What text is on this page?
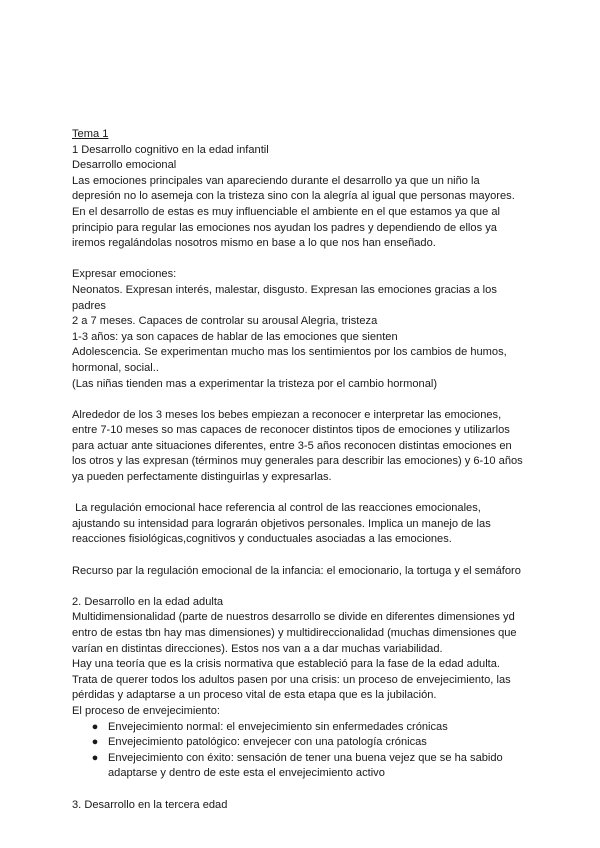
Tema 1

1 Desarrollo cognitivo en la edad infantil

Desarrollo emocional

Las emociones principales van apareciendo durante el desarrollo ya que un niño la

depresión no lo asemeja con la tristeza sino con la alegría al igual que personas mayores.

En el desarrollo de estas es muy influenciable el ambiente en el que estamos ya que al

principio para regular las emociones nos ayudan los padres y dependiendo de ellos ya

iremos regalándolas nosotros mismo en base a lo que nos han enseñado.

Expresar emociones:

Neonatos. Expresan interés, malestar, disgusto. Expresan las emociones gracias a los

padres

2 a 7 meses. Capaces de controlar su arousal Alegria, tristeza

1-3 años: ya son capaces de hablar de las emociones que sienten

Adolescencia. Se experimentan mucho mas los sentimientos por los cambios de humos,

hormonal, social..

(Las niñas tienden mas a experimentar la tristeza por el cambio hormonal)

Alrededor de los 3 meses los bebes empiezan a reconocer e interpretar las emociones,

entre 7-10 meses so mas capaces de reconocer distintos tipos de emociones y utilizarlos

para actuar ante situaciones diferentes, entre 3-5 años reconocen distintas emociones en

los otros y las expresan (términos muy generales para describir las emociones) y 6-10 años

ya pueden perfectamente distinguirlas y expresarlas.

La regulación emocional hace referencia al control de las reacciones emocionales,

ajustando su intensidad para lograrán objetivos personales. Implica un manejo de las

reacciones fisiológicas,cognitivos y conductuales asociadas a las emociones.

Recurso par la regulación emocional de la infancia: el emocionario, la tortuga y el semáforo

2. Desarrollo en la edad adulta

Multidimensionalidad (parte de nuestros desarrollo se divide en diferentes dimensiones yd

entro de estas tbn hay mas dimensiones) y multidireccionalidad (muchas dimensiones que

varían en distintas direcciones). Estos nos van a a dar muchas variabilidad.

Hay una teoría que es la crisis normativa que estableció para la fase de la edad adulta.

Trata de querer todos los adultos pasen por una crisis: un proceso de envejecimiento, las

pérdidas y adaptarse a un proceso vital de esta etapa que es la jubilación.

El proceso de envejecimiento:

● Envejecimiento normal: el envejecimiento sin enfermedades crónicas

● Envejecimiento patológico: envejecer con una patología crónicas

● Envejecimiento con éxito: sensación de tener una buena vejez que se ha sabido

adaptarse y dentro de este esta el envejecimiento activo

3. Desarrollo en la tercera edad
